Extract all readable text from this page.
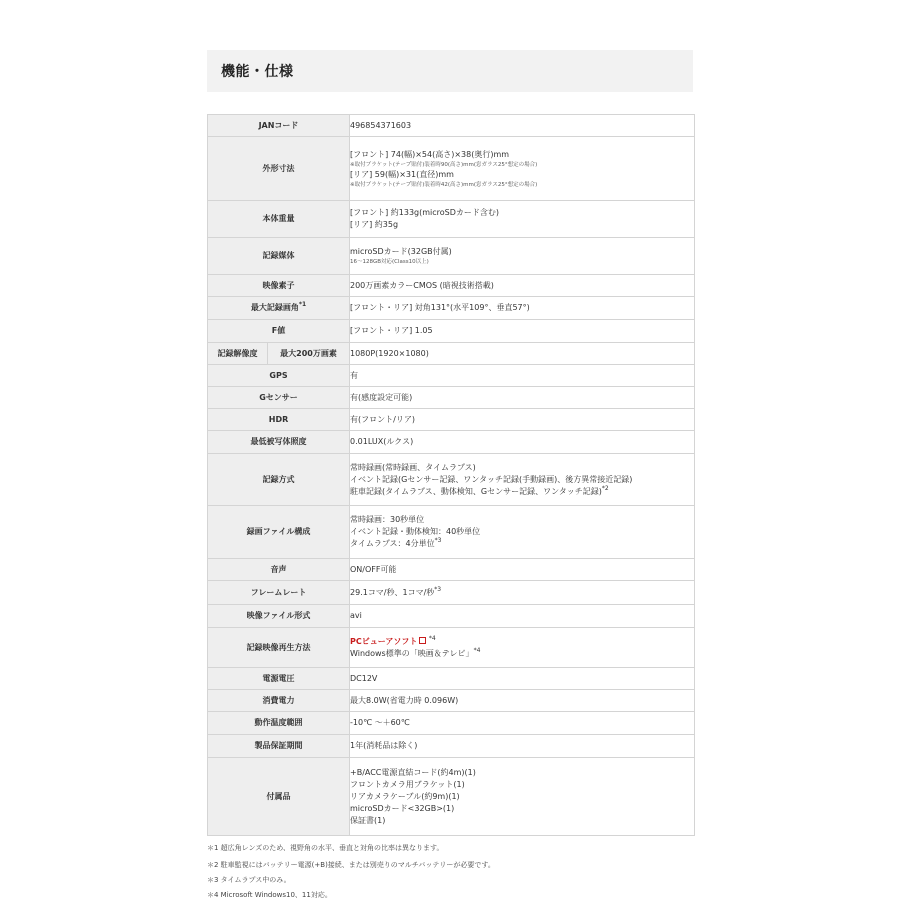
機能・仕様
JANコード		496854371603
外形寸法		[フロント] 74(幅)×54(高さ)×38(奥行)mm
※取付ブラケット(テープ貼付)装着時90(高さ)mm(窓ガラス25°想定の場合)
[リア] 59(幅)×31(直径)mm
※取付ブラケット(テープ貼付)装着時42(高さ)mm(窓ガラス25°想定の場合)

本体重量		[フロント] 約133g(microSDカード含む)
[リア] 約35g

記録媒体		microSDカード(32GB付属)
16～128GB対応(Class10以上)

映像素子		200万画素カラーCMOS (暗視技術搭載)
最大記録画角$^{*1}$		[フロント・リア] 対角131°(水平109°、垂直57°)
F値		[フロント・リア] 1.05
記録解像度	最大200万画素	1080P(1920×1080)
GPS		有
Gセンサー		有(感度設定可能)
HDR		有(フロント/リア)
最低被写体照度		0.01LUX(ルクス)
記録方式		常時録画(常時録画、タイムラプス)
イベント記録(Gセンサー記録、ワンタッチ記録(手動録画)、後方異常接近記録)
駐車記録(タイムラプス、動体検知、Gセンサー記録、ワンタッチ記録)$^{*2}$

録画ファイル構成		常時録画：30秒単位
イベント記録・動体検知：40秒単位
タイムラプス：4分単位$^{*3}$

音声		ON/OFF可能
フレームレート		29.1コマ/秒、1コマ/秒$^{*3}$
映像ファイル形式		avi
記録映像再生方法		PCビューアソフト $^{*4}$
Windows標準の「映画＆テレビ」$^{*4}$

電源電圧		DC12V
消費電力		最大8.0W(省電力時 0.096W)
動作温度範囲		-10℃ ～＋60℃
製品保証期間		1年(消耗品は除く)
付属品		+B/ACC電源直結コード(約4m)(1)
フロントカメラ用ブラケット(1)
リアカメラケーブル(約9m)(1)
microSDカード<32GB>(1)
保証書(1)
＊1 超広角レンズのため、視野角の水平、垂直と対角の比率は異なります。
＊2 駐車監視にはバッテリー電源(+B)接続、または別売りのマルチバッテリーが必要です。
＊3 タイムラプス中のみ。
＊4 Microsoft Windows10、11対応。
